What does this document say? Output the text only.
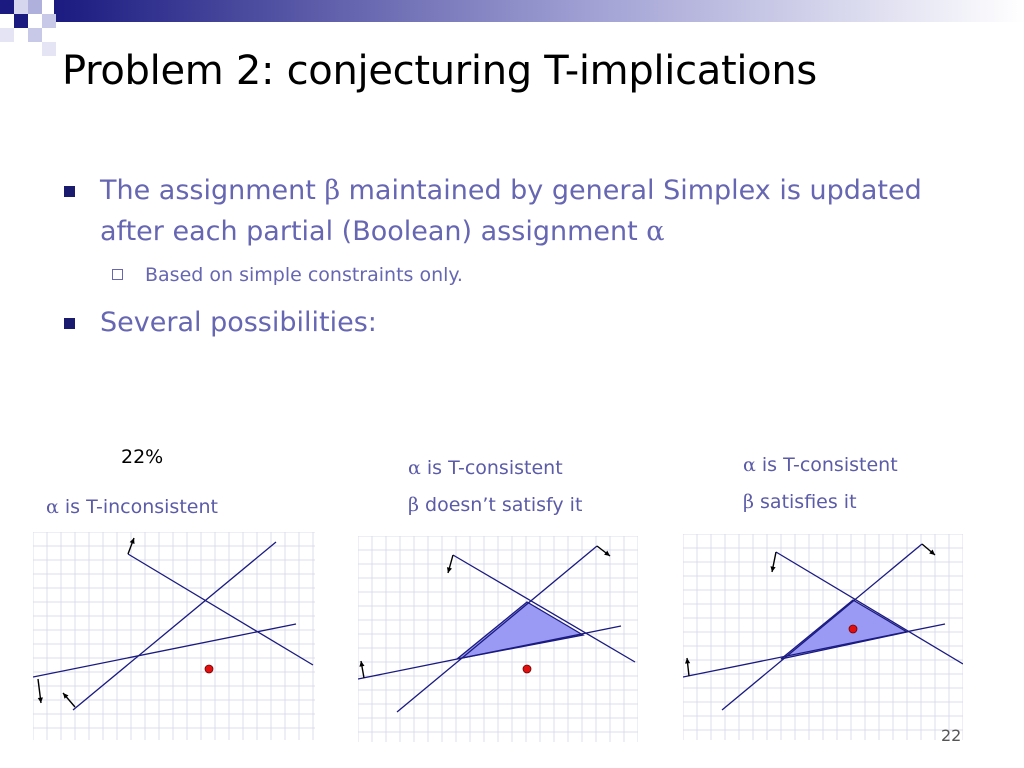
Problem 2: conjecturing T-implications
The assignment β maintained by general Simplex is updated after each partial (Boolean) assignment α
Based on simple constraints only.
Several possibilities:
22%
α is T-inconsistent
α is T-consistent
β doesn’t satisfy it
α is T-consistent
β satisfies it
22
